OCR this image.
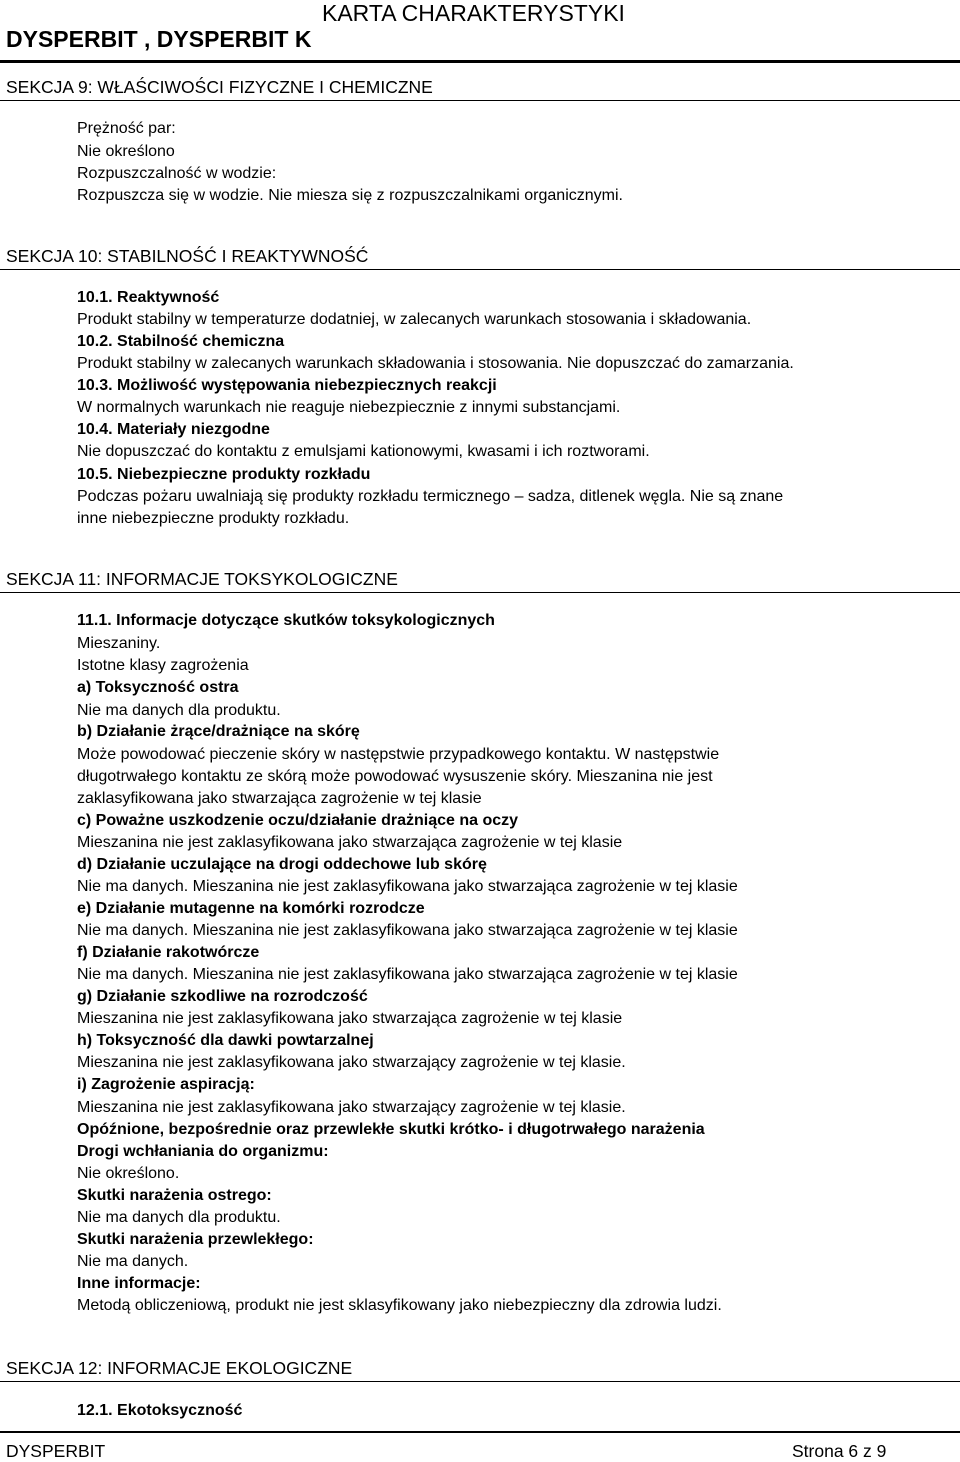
KARTA CHARAKTERYSTYKI
DYSPERBIT , DYSPERBIT K
SEKCJA 9: WŁAŚCIWOŚCI FIZYCZNE I CHEMICZNE
Prężność par:
Nie określono
Rozpuszczalność w wodzie:
Rozpuszcza się w wodzie. Nie miesza się z rozpuszczalnikami organicznymi.
SEKCJA 10: STABILNOŚĆ I REAKTYWNOŚĆ
10.1. Reaktywność
Produkt stabilny w temperaturze dodatniej, w zalecanych warunkach stosowania i składowania.
10.2. Stabilność chemiczna
Produkt stabilny w zalecanych warunkach składowania i stosowania. Nie dopuszczać do zamarzania.
10.3. Możliwość występowania niebezpiecznych reakcji
W normalnych warunkach nie reaguje niebezpiecznie z innymi substancjami.
10.4. Materiały niezgodne
Nie dopuszczać do kontaktu z emulsjami kationowymi, kwasami i ich roztworami.
10.5. Niebezpieczne produkty rozkładu
Podczas pożaru uwalniają się produkty rozkładu termicznego – sadza, ditlenek węgla. Nie są znane
inne niebezpieczne produkty rozkładu.
SEKCJA 11: INFORMACJE TOKSYKOLOGICZNE
11.1. Informacje dotyczące skutków toksykologicznych
Mieszaniny.
Istotne klasy zagrożenia
a) Toksyczność ostra
Nie ma danych dla produktu.
b) Działanie żrące/drażniące na skórę
Może powodować pieczenie skóry w następstwie przypadkowego kontaktu. W następstwie
długotrwałego kontaktu ze skórą może powodować wysuszenie skóry. Mieszanina nie jest
zaklasyfikowana jako stwarzająca zagrożenie w tej klasie
c) Poważne uszkodzenie oczu/działanie drażniące na oczy
Mieszanina nie jest zaklasyfikowana jako stwarzająca zagrożenie w tej klasie
d) Działanie uczulające na drogi oddechowe lub skórę
Nie ma danych. Mieszanina nie jest zaklasyfikowana jako stwarzająca zagrożenie w tej klasie
e) Działanie mutagenne na komórki rozrodcze
Nie ma danych. Mieszanina nie jest zaklasyfikowana jako stwarzająca zagrożenie w tej klasie
f) Działanie rakotwórcze
Nie ma danych. Mieszanina nie jest zaklasyfikowana jako stwarzająca zagrożenie w tej klasie
g) Działanie szkodliwe na rozrodczość
Mieszanina nie jest zaklasyfikowana jako stwarzająca zagrożenie w tej klasie
h) Toksyczność dla dawki powtarzalnej
Mieszanina nie jest zaklasyfikowana jako stwarzający zagrożenie w tej klasie.
i) Zagrożenie aspiracją:
Mieszanina nie jest zaklasyfikowana jako stwarzający zagrożenie w tej klasie.
Opóźnione, bezpośrednie oraz przewlekłe skutki krótko- i długotrwałego narażenia
Drogi wchłaniania do organizmu:
Nie określono.
Skutki narażenia ostrego:
Nie ma danych dla produktu.
Skutki narażenia przewlekłego:
Nie ma danych.
Inne informacje:
Metodą obliczeniową, produkt nie jest sklasyfikowany jako niebezpieczny dla zdrowia ludzi.
SEKCJA 12: INFORMACJE EKOLOGICZNE
12.1. Ekotoksyczność
DYSPERBIT	Strona 6 z 9
